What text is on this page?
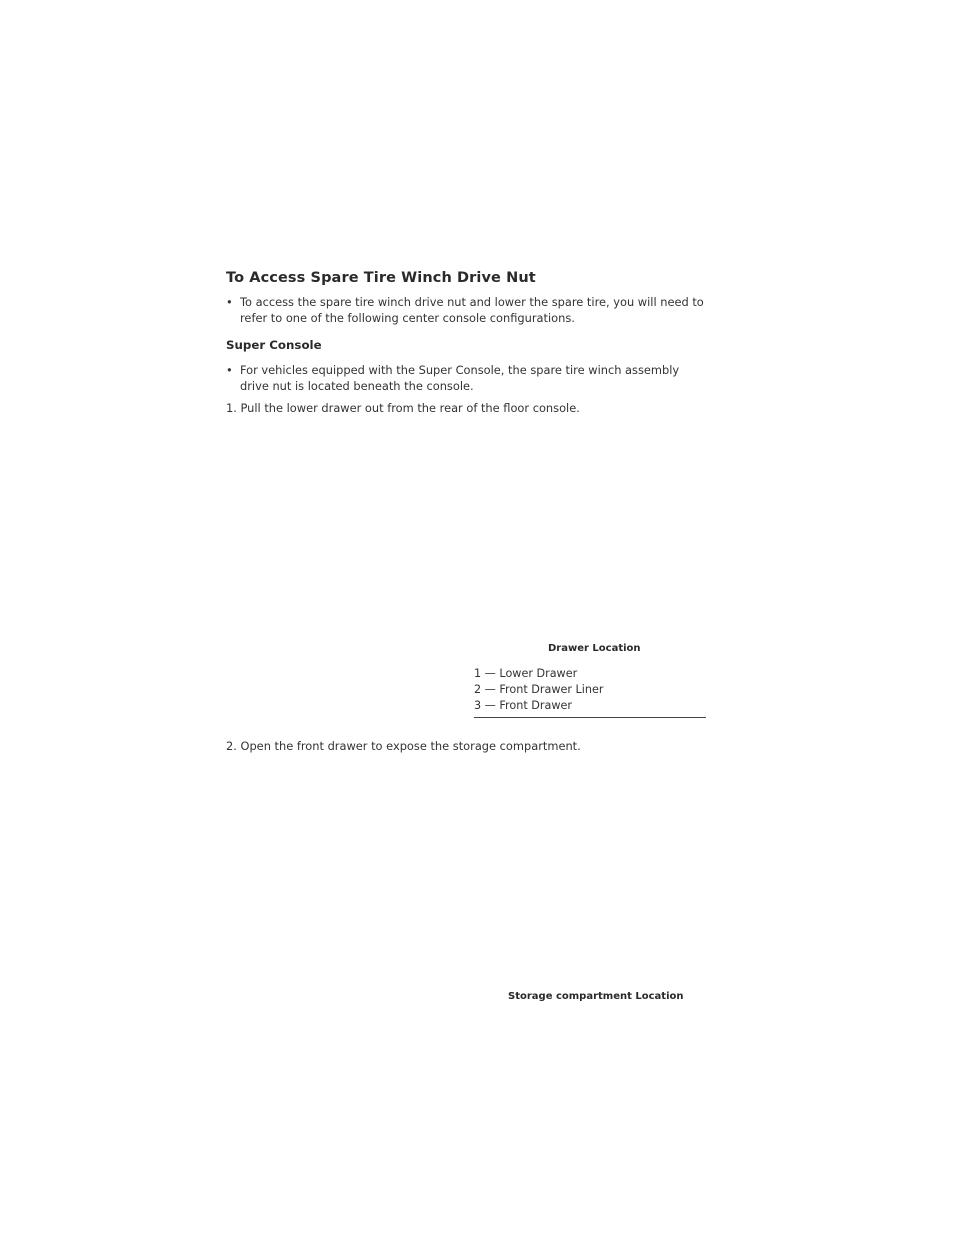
To Access Spare Tire Winch Drive Nut
• To access the spare tire winch drive nut and lower the spare tire, you will need to refer to one of the following center console configurations.
Super Console
• For vehicles equipped with the Super Console, the spare tire winch assembly drive nut is located beneath the console.
1. Pull the lower drawer out from the rear of the floor console.
Drawer Location
1 — Lower Drawer
2 — Front Drawer Liner
3 — Front Drawer
2. Open the front drawer to expose the storage compartment.
Storage compartment Location
